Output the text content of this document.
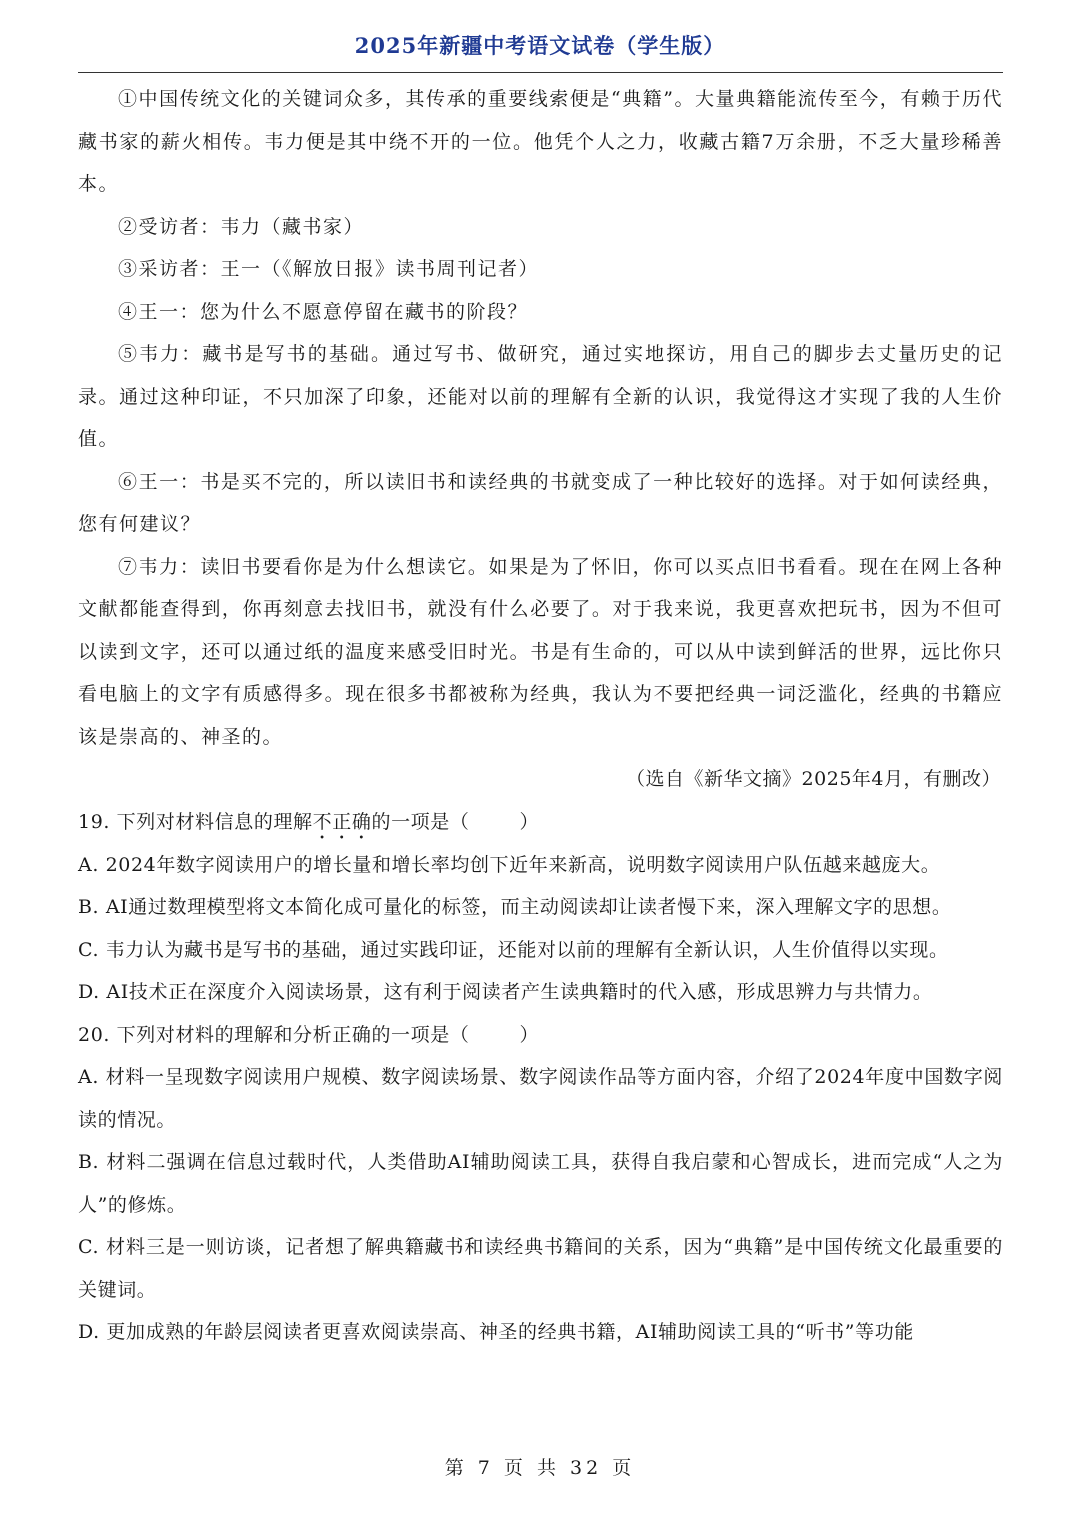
2025年新疆中考语文试卷（学生版）

①中国传统文化的关键词众多，其传承的重要线索便是“典籍”。大量典籍能流传至今，有赖于历代藏书家的薪火相传。韦力便是其中绕不开的一位。他凭个人之力，收藏古籍7万余册，不乏大量珍稀善本。

②受访者：韦力（藏书家）

③采访者：王一（《解放日报》读书周刊记者）

④王一：您为什么不愿意停留在藏书的阶段？

⑤韦力：藏书是写书的基础。通过写书、做研究，通过实地探访，用自己的脚步去丈量历史的记录。通过这种印证，不只加深了印象，还能对以前的理解有全新的认识，我觉得这才实现了我的人生价值。

⑥王一：书是买不完的，所以读旧书和读经典的书就变成了一种比较好的选择。对于如何读经典，您有何建议？

⑦韦力：读旧书要看你是为什么想读它。如果是为了怀旧，你可以买点旧书看看。现在在网上各种文献都能查得到，你再刻意去找旧书，就没有什么必要了。对于我来说，我更喜欢把玩书，因为不但可以读到文字，还可以通过纸的温度来感受旧时光。书是有生命的，可以从中读到鲜活的世界，远比你只看电脑上的文字有质感得多。现在很多书都被称为经典，我认为不要把经典一词泛滥化，经典的书籍应该是崇高的、神圣的。

（选自《新华文摘》2025年4月，有删改）

19. 下列对材料信息的理解不正确的一项是（	）

A. 2024年数字阅读用户的增长量和增长率均创下近年来新高，说明数字阅读用户队伍越来越庞大。

B. AI通过数理模型将文本简化成可量化的标签，而主动阅读却让读者慢下来，深入理解文字的思想。

C. 韦力认为藏书是写书的基础，通过实践印证，还能对以前的理解有全新认识，人生价值得以实现。

D. AI技术正在深度介入阅读场景，这有利于阅读者产生读典籍时的代入感，形成思辨力与共情力。

20. 下列对材料的理解和分析正确的一项是（	）

A. 材料一呈现数字阅读用户规模、数字阅读场景、数字阅读作品等方面内容，介绍了2024年度中国数字阅读的情况。

B. 材料二强调在信息过载时代，人类借助AI辅助阅读工具，获得自我启蒙和心智成长，进而完成“人之为人”的修炼。

C. 材料三是一则访谈，记者想了解典籍藏书和读经典书籍间的关系，因为“典籍”是中国传统文化最重要的关键词。

D. 更加成熟的年龄层阅读者更喜欢阅读崇高、神圣的经典书籍，AI辅助阅读工具的“听书”等功能

第 7 页 共 32 页
